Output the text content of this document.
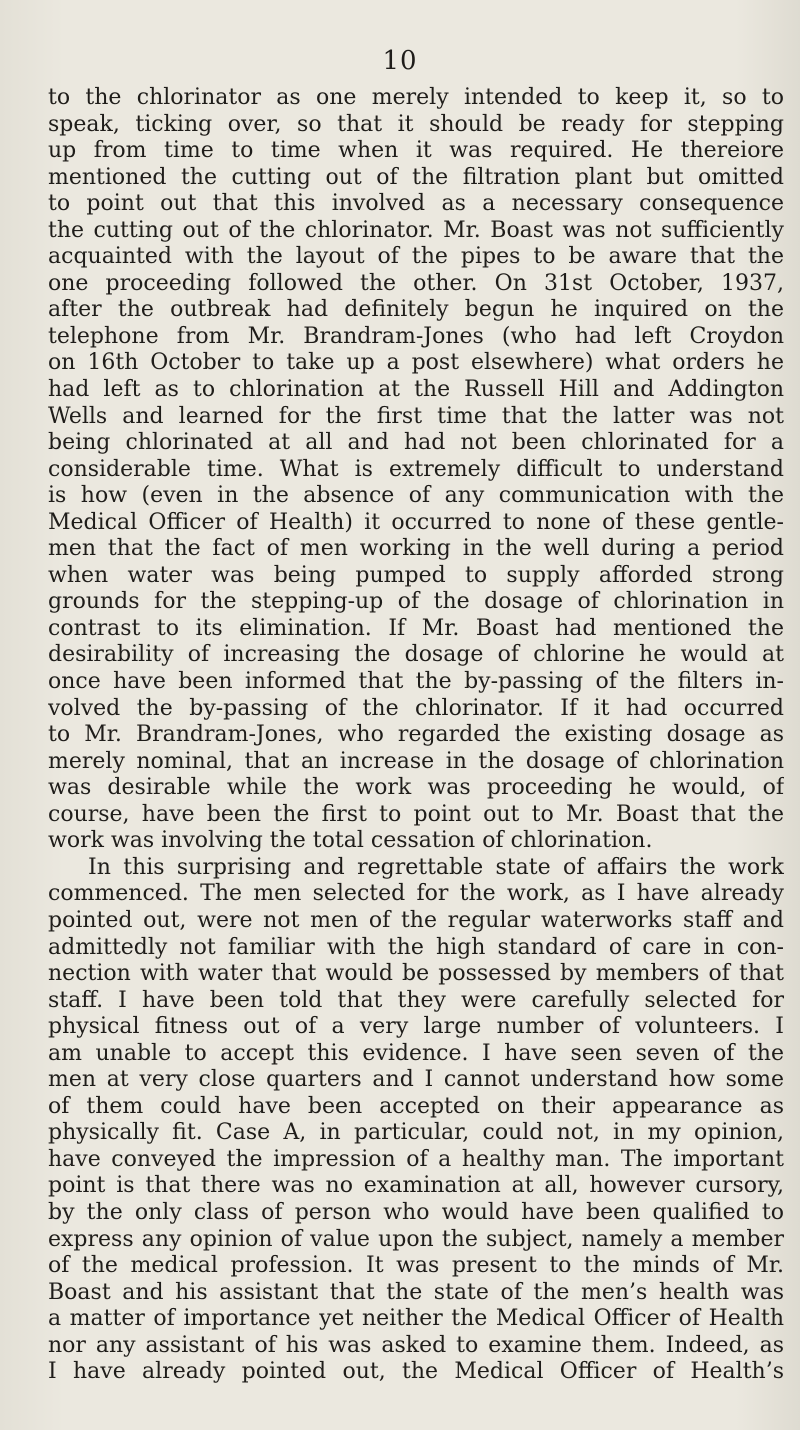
10
to the chlorinator as one merely intended to keep it, so to
speak, ticking over, so that it should be ready for stepping
up from time to time when it was required. He thereiore
mentioned the cutting out of the filtration plant but omitted
to point out that this involved as a necessary consequence
the cutting out of the chlorinator. Mr. Boast was not sufficiently
acquainted with the layout of the pipes to be aware that the
one proceeding followed the other. On 31st October, 1937,
after the outbreak had definitely begun he inquired on the
telephone from Mr. Brandram-Jones (who had left Croydon
on 16th October to take up a post elsewhere) what orders he
had left as to chlorination at the Russell Hill and Addington
Wells and learned for the first time that the latter was not
being chlorinated at all and had not been chlorinated for a
considerable time. What is extremely difficult to understand
is how (even in the absence of any communication with the
Medical Officer of Health) it occurred to none of these gentle-
men that the fact of men working in the well during a period
when water was being pumped to supply afforded strong
grounds for the stepping-up of the dosage of chlorination in
contrast to its elimination. If Mr. Boast had mentioned the
desirability of increasing the dosage of chlorine he would at
once have been informed that the by-passing of the filters in-
volved the by-passing of the chlorinator. If it had occurred
to Mr. Brandram-Jones, who regarded the existing dosage as
merely nominal, that an increase in the dosage of chlorination
was desirable while the work was proceeding he would, of
course, have been the first to point out to Mr. Boast that the
work was involving the total cessation of chlorination.
In this surprising and regrettable state of affairs the work
commenced. The men selected for the work, as I have already
pointed out, were not men of the regular waterworks staff and
admittedly not familiar with the high standard of care in con-
nection with water that would be possessed by members of that
staff. I have been told that they were carefully selected for
physical fitness out of a very large number of volunteers. I
am unable to accept this evidence. I have seen seven of the
men at very close quarters and I cannot understand how some
of them could have been accepted on their appearance as
physically fit. Case A, in particular, could not, in my opinion,
have conveyed the impression of a healthy man. The important
point is that there was no examination at all, however cursory,
by the only class of person who would have been qualified to
express any opinion of value upon the subject, namely a member
of the medical profession. It was present to the minds of Mr.
Boast and his assistant that the state of the men’s health was
a matter of importance yet neither the Medical Officer of Health
nor any assistant of his was asked to examine them. Indeed, as
I have already pointed out, the Medical Officer of Health’s
